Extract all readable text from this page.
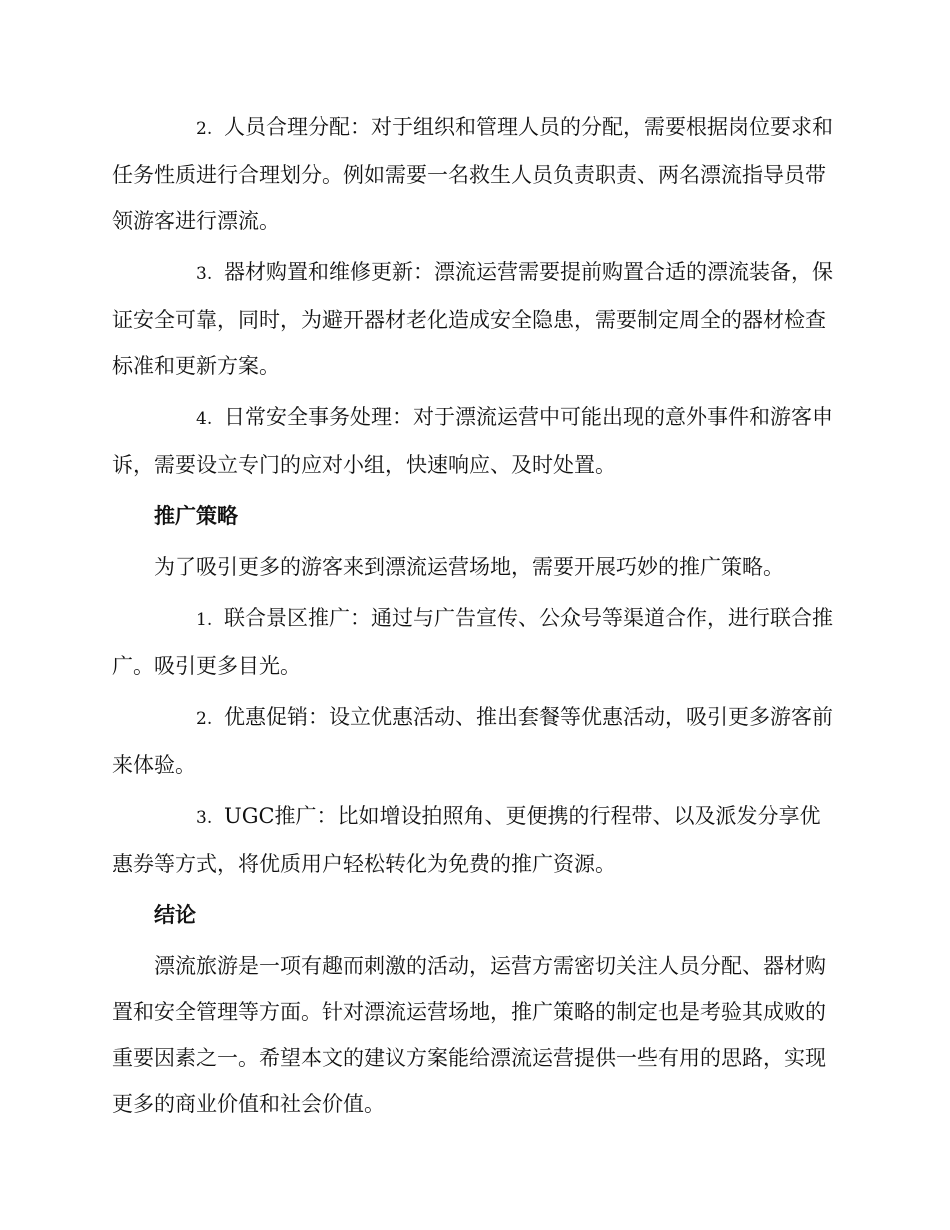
2. 人员合理分配：对于组织和管理人员的分配，需要根据岗位要求和任务性质进行合理划分。例如需要一名救生人员负责职责、两名漂流指导员带领游客进行漂流。

3. 器材购置和维修更新：漂流运营需要提前购置合适的漂流装备，保证安全可靠，同时，为避开器材老化造成安全隐患，需要制定周全的器材检查标准和更新方案。

4. 日常安全事务处理：对于漂流运营中可能出现的意外事件和游客申诉，需要设立专门的应对小组，快速响应、及时处置。

推广策略

为了吸引更多的游客来到漂流运营场地，需要开展巧妙的推广策略。

1. 联合景区推广：通过与广告宣传、公众号等渠道合作，进行联合推广。吸引更多目光。

2. 优惠促销：设立优惠活动、推出套餐等优惠活动，吸引更多游客前来体验。

3. UGC推广：比如增设拍照角、更便携的行程带、以及派发分享优惠券等方式，将优质用户轻松转化为免费的推广资源。

结论

漂流旅游是一项有趣而刺激的活动，运营方需密切关注人员分配、器材购置和安全管理等方面。针对漂流运营场地，推广策略的制定也是考验其成败的重要因素之一。希望本文的建议方案能给漂流运营提供一些有用的思路，实现更多的商业价值和社会价值。
